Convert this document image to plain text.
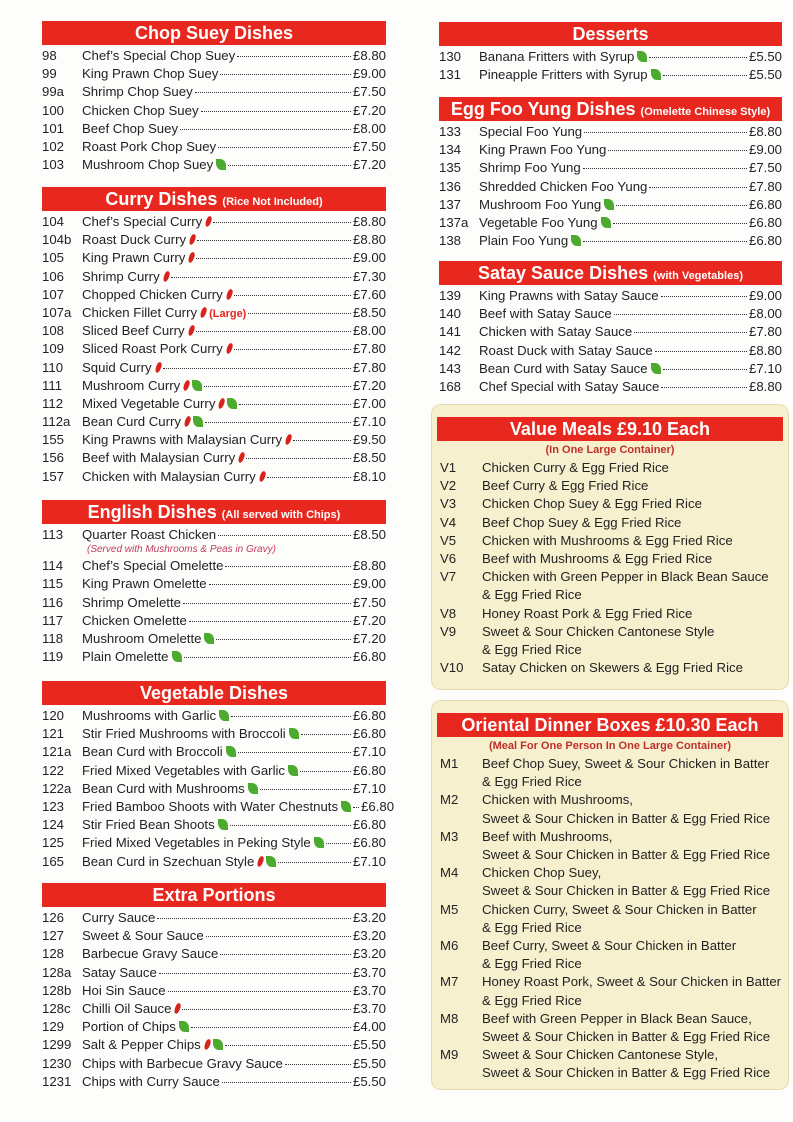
Chop Suey Dishes
98	Chef’s Special Chop Suey	£8.80
99	King Prawn Chop Suey	£9.00
99a	Shrimp Chop Suey	£7.50
100	Chicken Chop Suey	£7.20
101	Beef Chop Suey	£8.00
102	Roast Pork Chop Suey	£7.50
103	Mushroom Chop Suey	£7.20
Curry Dishes (Rice Not Included)
104	Chef’s Special Curry	£8.80
104b Roast Duck Curry	£8.80
105	King Prawn Curry	£9.00
106	Shrimp Curry	£7.30
107	Chopped Chicken Curry	£7.60
107a Chicken Fillet Curry (Large)	£8.50
108	Sliced Beef Curry	£8.00
109	Sliced Roast Pork Curry	£7.80
110	Squid Curry	£7.80
111	Mushroom Curry	£7.20
112	Mixed Vegetable Curry	£7.00
112a Bean Curd Curry	£7.10
155	King Prawns with Malaysian Curry	£9.50
156	Beef with Malaysian Curry	£8.50
157	Chicken with Malaysian Curry	£8.10
English Dishes (All served with Chips)
113	Quarter Roast Chicken	£8.50
(Served with Mushrooms & Peas in Gravy)
114	Chef’s Special Omelette	£8.80
115	King Prawn Omelette	£9.00
116	Shrimp Omelette	£7.50
117	Chicken Omelette	£7.20
118	Mushroom Omelette	£7.20
119	Plain Omelette	£6.80
Vegetable Dishes
120	Mushrooms with Garlic	£6.80
121	Stir Fried Mushrooms with Broccoli	£6.80
121a Bean Curd with Broccoli	£7.10
122	Fried Mixed Vegetables with Garlic	£6.80
122a Bean Curd with Mushrooms	£7.10
123	Fried Bamboo Shoots with Water Chestnuts	£6.80
124	Stir Fried Bean Shoots	£6.80
125	Fried Mixed Vegetables in Peking Style	£6.80
165	Bean Curd in Szechuan Style	£7.10
Extra Portions
126	Curry Sauce	£3.20
127	Sweet & Sour Sauce	£3.20
128	Barbecue Gravy Sauce	£3.20
128a Satay Sauce	£3.70
128b Hoi Sin Sauce	£3.70
128c Chilli Oil Sauce	£3.70
129	Portion of Chips	£4.00
1299 Salt & Pepper Chips	£5.50
1230 Chips with Barbecue Gravy Sauce	£5.50
1231 Chips with Curry Sauce	£5.50
Desserts
130	Banana Fritters with Syrup	£5.50
131	Pineapple Fritters with Syrup	£5.50
Egg Foo Yung Dishes (Omelette Chinese Style)
133	Special Foo Yung	£8.80
134	King Prawn Foo Yung	£9.00
135	Shrimp Foo Yung	£7.50
136	Shredded Chicken Foo Yung	£7.80
137	Mushroom Foo Yung	£6.80
137a Vegetable Foo Yung	£6.80
138	Plain Foo Yung	£6.80
Satay Sauce Dishes (with Vegetables)
139	King Prawns with Satay Sauce	£9.00
140	Beef with Satay Sauce	£8.00
141	Chicken with Satay Sauce	£7.80
142	Roast Duck with Satay Sauce	£8.80
143	Bean Curd with Satay Sauce	£7.10
168	Chef Special with Satay Sauce	£8.80
Value Meals £9.10 Each
(In One Large Container)
V1	Chicken Curry & Egg Fried Rice
V2	Beef Curry & Egg Fried Rice
V3	Chicken Chop Suey & Egg Fried Rice
V4	Beef Chop Suey & Egg Fried Rice
V5	Chicken with Mushrooms & Egg Fried Rice
V6	Beef with Mushrooms & Egg Fried Rice
V7	Chicken with Green Pepper in Black Bean Sauce
& Egg Fried Rice
V8	Honey Roast Pork & Egg Fried Rice
V9	Sweet & Sour Chicken Cantonese Style
& Egg Fried Rice
V10	Satay Chicken on Skewers & Egg Fried Rice
Oriental Dinner Boxes £10.30 Each
(Meal For One Person In One Large Container)
M1	Beef Chop Suey, Sweet & Sour Chicken in Batter
& Egg Fried Rice
M2	Chicken with Mushrooms,
Sweet & Sour Chicken in Batter & Egg Fried Rice
M3	Beef with Mushrooms,
Sweet & Sour Chicken in Batter & Egg Fried Rice
M4	Chicken Chop Suey,
Sweet & Sour Chicken in Batter & Egg Fried Rice
M5	Chicken Curry, Sweet & Sour Chicken in Batter
& Egg Fried Rice
M6	Beef Curry, Sweet & Sour Chicken in Batter
& Egg Fried Rice
M7	Honey Roast Pork, Sweet & Sour Chicken in Batter
& Egg Fried Rice
M8	Beef with Green Pepper in Black Bean Sauce,
Sweet & Sour Chicken in Batter & Egg Fried Rice
M9	Sweet & Sour Chicken Cantonese Style,
Sweet & Sour Chicken in Batter & Egg Fried Rice
